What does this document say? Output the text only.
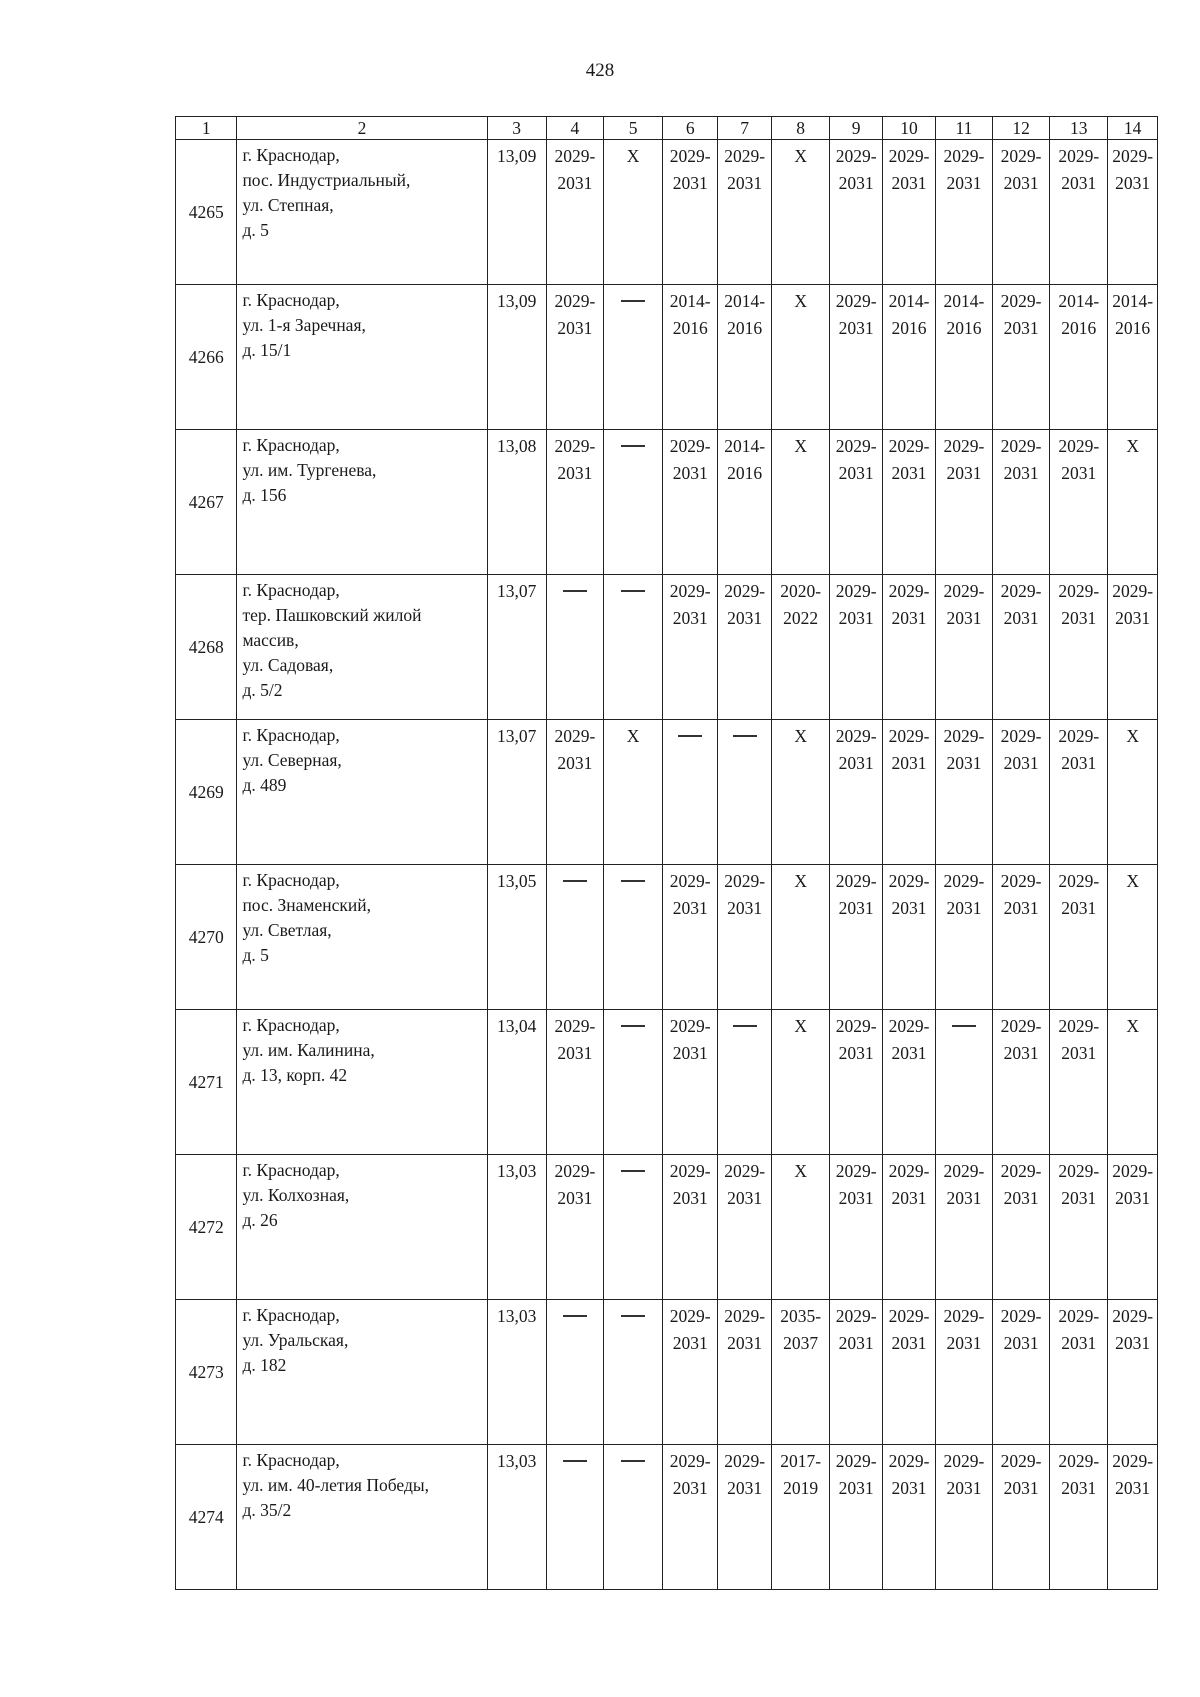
428
1	2	3	4	5	6	7	8	9	10	11	12	13	14
4265	г. Краснодар,
пос. Индустриальный,
ул. Степная,
д. 5	13,09	2029-
2031	X	2029-
2031	2029-
2031	X	2029-
2031	2029-
2031	2029-
2031	2029-
2031	2029-
2031	2029-
2031

4266	г. Краснодар,
ул. 1-я Заречная,
д. 15/1	13,09	2029-
2031		2014-
2016	2014-
2016	X	2029-
2031	2014-
2016	2014-
2016	2029-
2031	2014-
2016	2014-
2016

4267	г. Краснодар,
ул. им. Тургенева,
д. 156	13,08	2029-
2031		2029-
2031	2014-
2016	X	2029-
2031	2029-
2031	2029-
2031	2029-
2031	2029-
2031	X

4268	г. Краснодар,
тер. Пашковский жилой
массив,
ул. Садовая,
д. 5/2	13,07			2029-
2031	2029-
2031	2020-
2022	2029-
2031	2029-
2031	2029-
2031	2029-
2031	2029-
2031	2029-
2031

4269	г. Краснодар,
ул. Северная,
д. 489	13,07	2029-
2031	X			X	2029-
2031	2029-
2031	2029-
2031	2029-
2031	2029-
2031	X

4270	г. Краснодар,
пос. Знаменский,
ул. Светлая,
д. 5	13,05			2029-
2031	2029-
2031	X	2029-
2031	2029-
2031	2029-
2031	2029-
2031	2029-
2031	X

4271	г. Краснодар,
ул. им. Калинина,
д. 13, корп. 42	13,04	2029-
2031		2029-
2031		X	2029-
2031	2029-
2031		2029-
2031	2029-
2031	X

4272	г. Краснодар,
ул. Колхозная,
д. 26	13,03	2029-
2031		2029-
2031	2029-
2031	X	2029-
2031	2029-
2031	2029-
2031	2029-
2031	2029-
2031	2029-
2031

4273	г. Краснодар,
ул. Уральская,
д. 182	13,03			2029-
2031	2029-
2031	2035-
2037	2029-
2031	2029-
2031	2029-
2031	2029-
2031	2029-
2031	2029-
2031

4274	г. Краснодар,
ул. им. 40-летия Победы,
д. 35/2	13,03			2029-
2031	2029-
2031	2017-
2019	2029-
2031	2029-
2031	2029-
2031	2029-
2031	2029-
2031	2029-
2031
